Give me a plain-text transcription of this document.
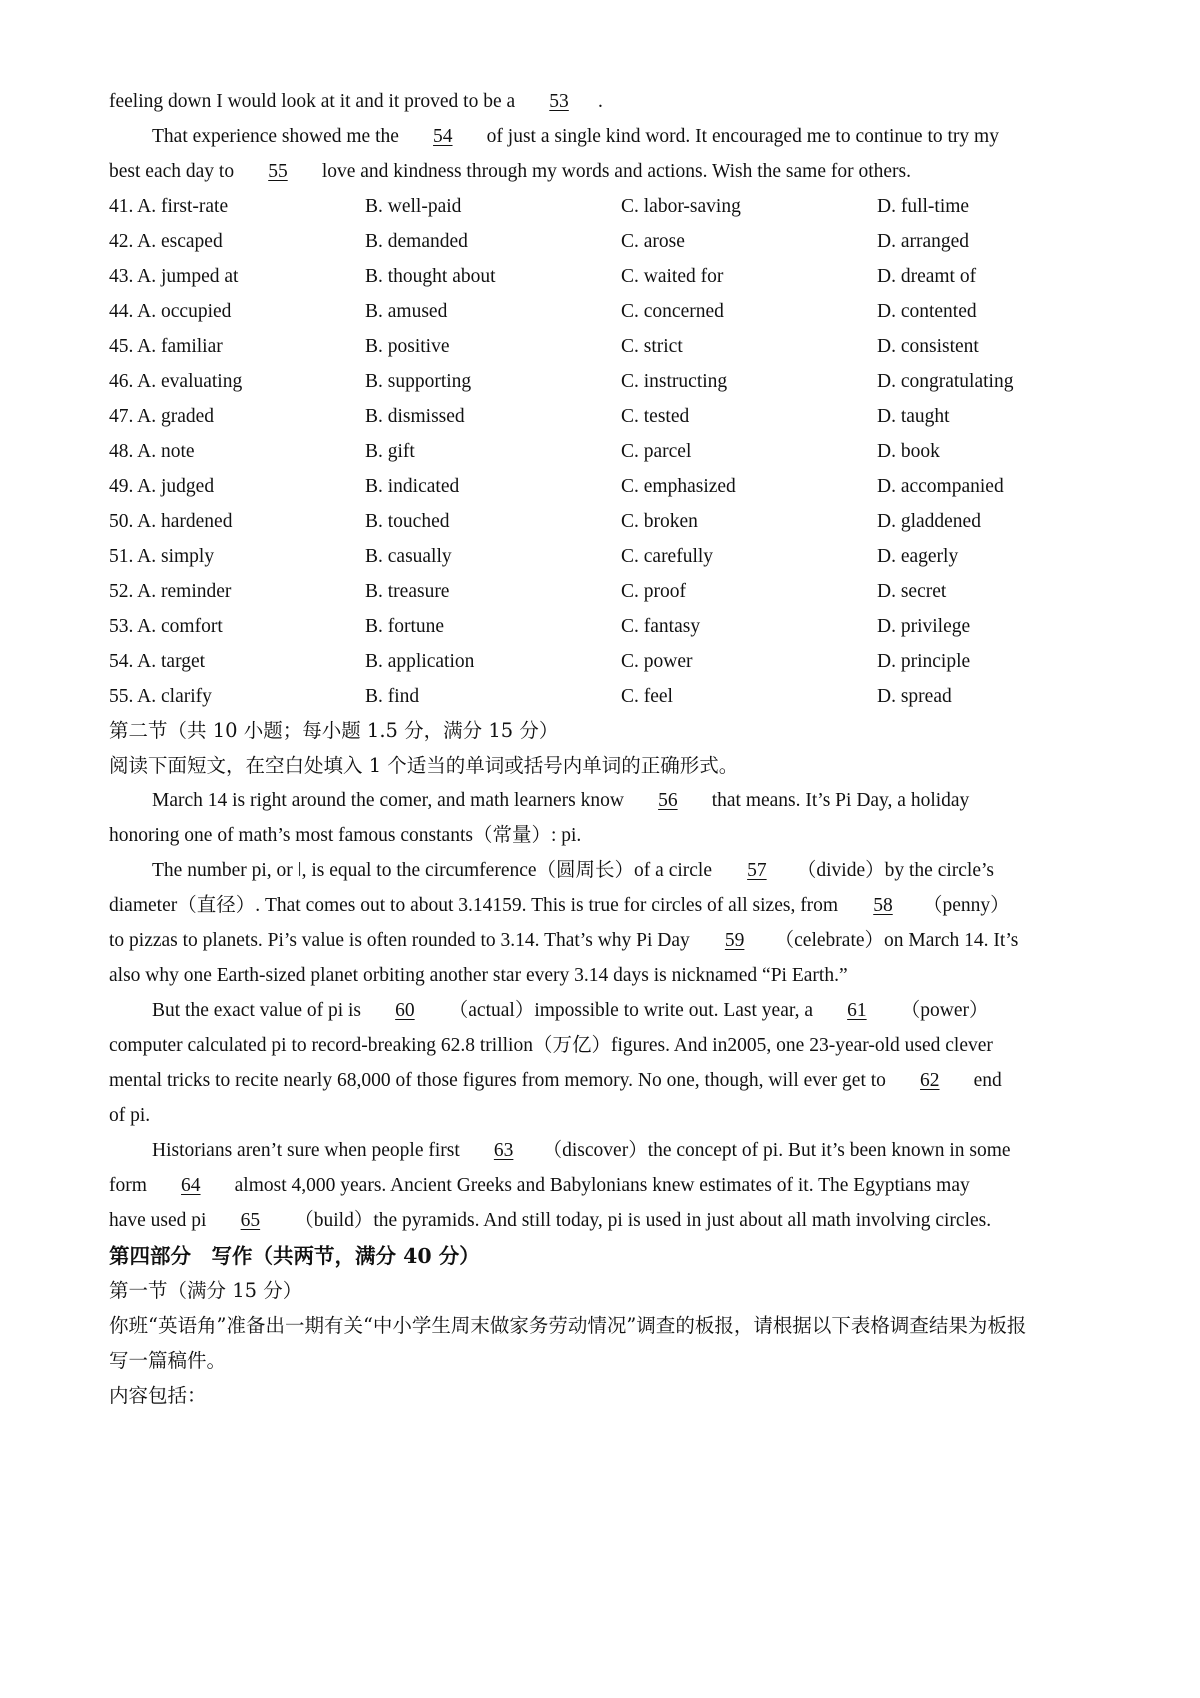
feeling down I would look at it and it proved to be a 53 .
That experience showed me the 54 of just a single kind word. It encouraged me to continue to try my
best each day to 55 love and kindness through my words and actions. Wish the same for others.
41. A. first-rate	B. well-paid	C. labor-saving	D. full-time
42. A. escaped	B. demanded	C. arose	D. arranged
43. A. jumped at	B. thought about	C. waited for	D. dreamt of
44. A. occupied	B. amused	C. concerned	D. contented
45. A. familiar	B. positive	C. strict	D. consistent
46. A. evaluating	B. supporting	C. instructing	D. congratulating
47. A. graded	B. dismissed	C. tested	D. taught
48. A. note	B. gift	C. parcel	D. book
49. A. judged	B. indicated	C. emphasized	D. accompanied
50. A. hardened	B. touched	C. broken	D. gladdened
51. A. simply	B. casually	C. carefully	D. eagerly
52. A. reminder	B. treasure	C. proof	D. secret
53. A. comfort	B. fortune	C. fantasy	D. privilege
54. A. target	B. application	C. power	D. principle
55. A. clarify	B. find	C. feel	D. spread
第二节（共 10 小题；每小题 1.5 分，满分 15 分）
阅读下面短文，在空白处填入 1 个适当的单词或括号内单词的正确形式。
March 14 is right around the comer, and math learners know 56 that means. It’s Pi Day, a holiday
honoring one of math’s most famous constants（常量）: pi.
The number pi, or ǀ, is equal to the circumference（圆周长）of a circle 57 （divide）by the circle’s
diameter（直径）. That comes out to about 3.14159. This is true for circles of all sizes, from 58 （penny）
to pizzas to planets. Pi’s value is often rounded to 3.14. That’s why Pi Day 59 （celebrate）on March 14. It’s
also why one Earth-sized planet orbiting another star every 3.14 days is nicknamed “Pi Earth.”
But the exact value of pi is 60 （actual）impossible to write out. Last year, a 61 （power）
computer calculated pi to record-breaking 62.8 trillion（万亿）figures. And in2005, one 23-year-old used clever
mental tricks to recite nearly 68,000 of those figures from memory. No one, though, will ever get to 62 end
of pi.
Historians aren’t sure when people first 63 （discover）the concept of pi. But it’s been known in some
form 64 almost 4,000 years. Ancient Greeks and Babylonians knew estimates of it. The Egyptians may
have used pi 65 （build）the pyramids. And still today, pi is used in just about all math involving circles.
第四部分　写作（共两节，满分 40 分）
第一节（满分 15 分）
你班“英语角”准备出一期有关“中小学生周末做家务劳动情况”调查的板报，请根据以下表格调查结果为板报
写一篇稿件。
内容包括：
